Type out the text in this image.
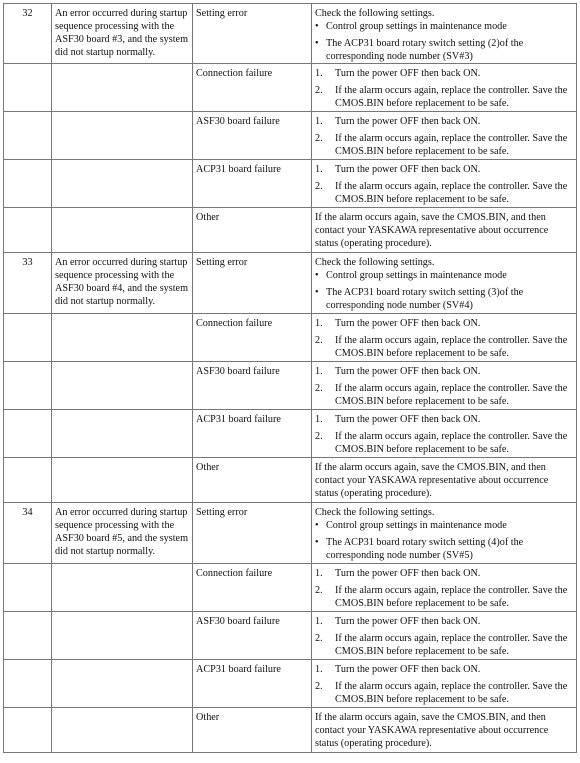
32	An error occurred during startup sequence processing with the ASF30 board #3, and the system did not startup normally.	Setting error	Check the following settings.

• Control group settings in maintenance mode
• The ACP31 board rotary switch setting (2)of the corresponding node number (SV#3)

		Connection failure	1. Turn the power OFF then back ON.
2. If the alarm occurs again, replace the controller. Save the CMOS.BIN before replacement to be safe.

		ASF30 board failure	1. Turn the power OFF then back ON.
2. If the alarm occurs again, replace the controller. Save the CMOS.BIN before replacement to be safe.

		ACP31 board failure	1. Turn the power OFF then back ON.
2. If the alarm occurs again, replace the controller. Save the CMOS.BIN before replacement to be safe.

		Other	If the alarm occurs again, save the CMOS.BIN, and then contact your YASKAWA representative about occurrence status (operating procedure).

33	An error occurred during startup sequence processing with the ASF30 board #4, and the system did not startup normally.	Setting error	Check the following settings.

• Control group settings in maintenance mode
• The ACP31 board rotary switch setting (3)of the corresponding node number (SV#4)

		Connection failure	1. Turn the power OFF then back ON.
2. If the alarm occurs again, replace the controller. Save the CMOS.BIN before replacement to be safe.

		ASF30 board failure	1. Turn the power OFF then back ON.
2. If the alarm occurs again, replace the controller. Save the CMOS.BIN before replacement to be safe.

		ACP31 board failure	1. Turn the power OFF then back ON.
2. If the alarm occurs again, replace the controller. Save the CMOS.BIN before replacement to be safe.

		Other	If the alarm occurs again, save the CMOS.BIN, and then contact your YASKAWA representative about occurrence status (operating procedure).

34	An error occurred during startup sequence processing with the ASF30 board #5, and the system did not startup normally.	Setting error	Check the following settings.

• Control group settings in maintenance mode
• The ACP31 board rotary switch setting (4)of the corresponding node number (SV#5)

		Connection failure	1. Turn the power OFF then back ON.
2. If the alarm occurs again, replace the controller. Save the CMOS.BIN before replacement to be safe.

		ASF30 board failure	1. Turn the power OFF then back ON.
2. If the alarm occurs again, replace the controller. Save the CMOS.BIN before replacement to be safe.

		ACP31 board failure	1. Turn the power OFF then back ON.
2. If the alarm occurs again, replace the controller. Save the CMOS.BIN before replacement to be safe.

		Other	If the alarm occurs again, save the CMOS.BIN, and then contact your YASKAWA representative about occurrence status (operating procedure).
